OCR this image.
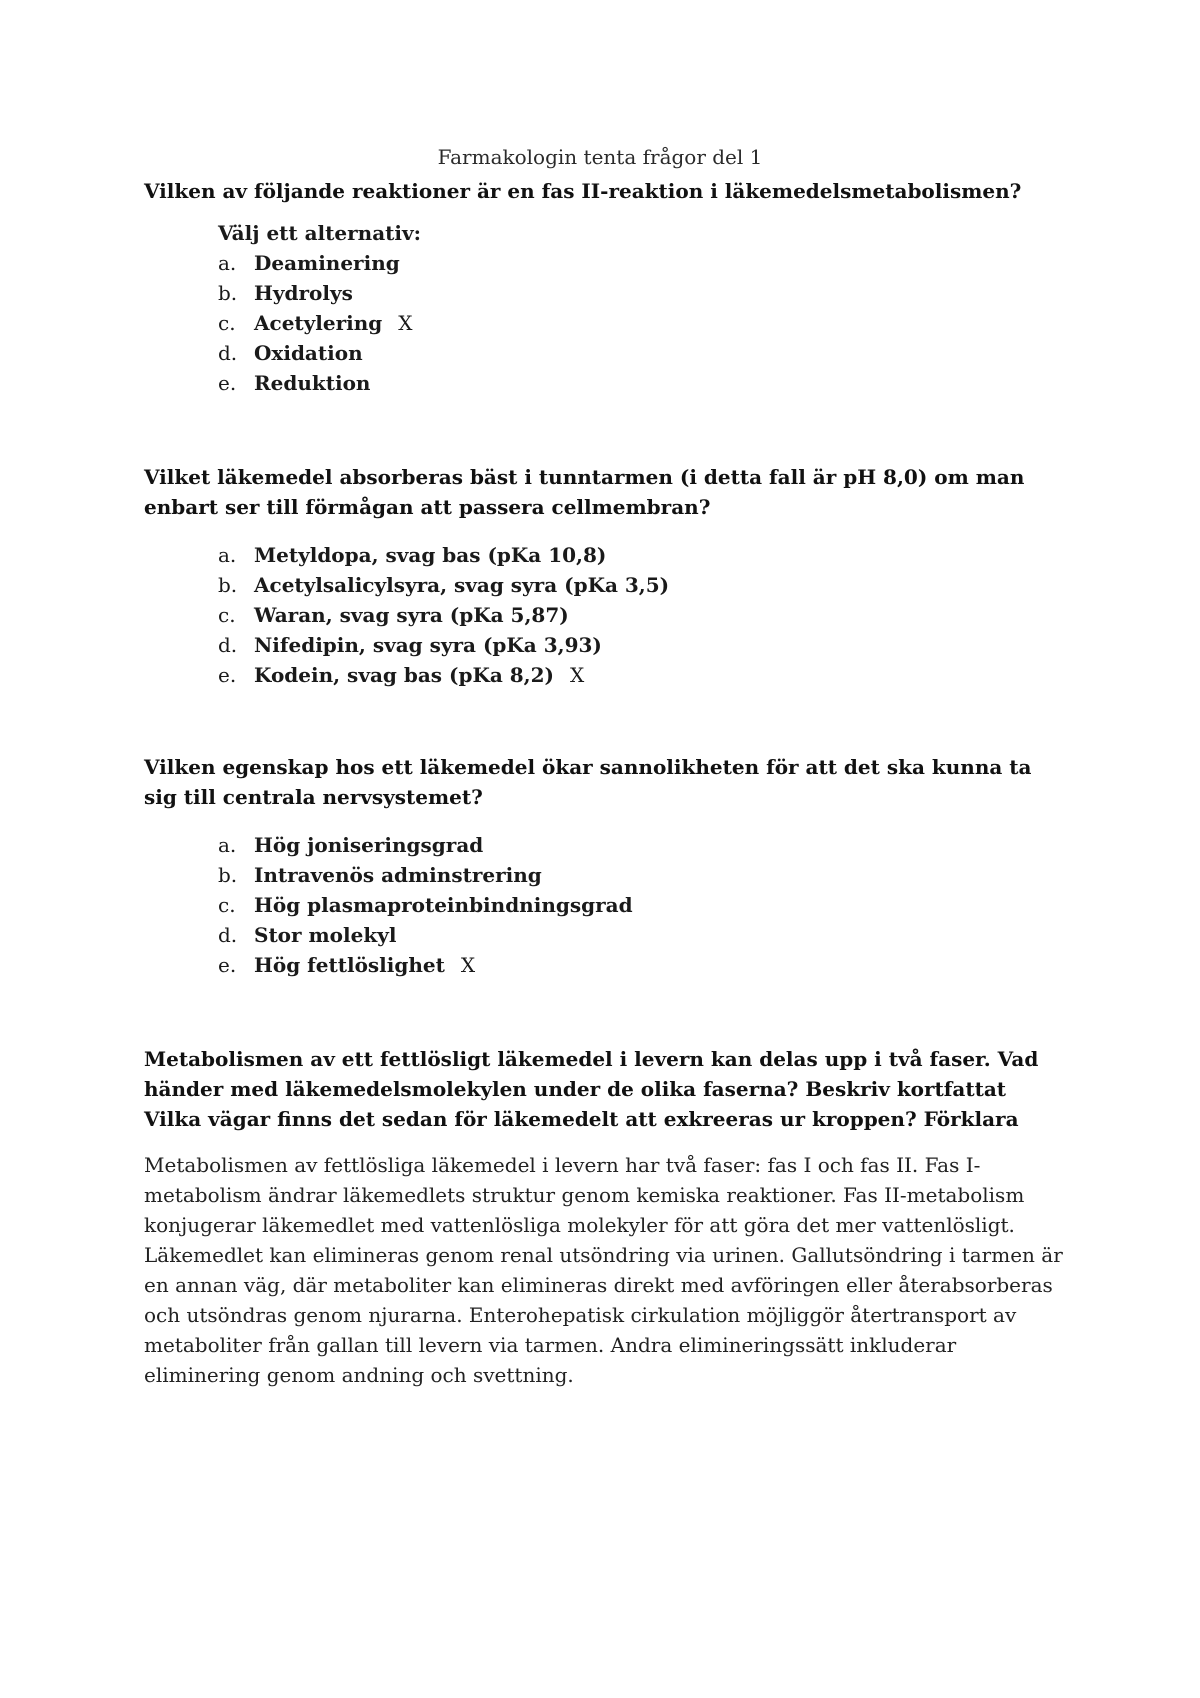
Farmakologin tenta frågor del 1
Vilken av följande reaktioner är en fas II-reaktion i läkemedelsmetabolismen?
Välj ett alternativ:
a. Deaminering
b. Hydrolys
c. Acetylering X
d. Oxidation
e. Reduktion
Vilket läkemedel absorberas bäst i tunntarmen (i detta fall är pH 8,0) om man enbart ser till förmågan att passera cellmembran?
a. Metyldopa, svag bas (pKa 10,8)
b. Acetylsalicylsyra, svag syra (pKa 3,5)
c. Waran, svag syra (pKa 5,87)
d. Nifedipin, svag syra (pKa 3,93)
e. Kodein, svag bas (pKa 8,2) X
Vilken egenskap hos ett läkemedel ökar sannolikheten för att det ska kunna ta sig till centrala nervsystemet?
a. Hög joniseringsgrad
b. Intravenös adminstrering
c. Hög plasmaproteinbindningsgrad
d. Stor molekyl
e. Hög fettlöslighet X
Metabolismen av ett fettlösligt läkemedel i levern kan delas upp i två faser. Vad händer med läkemedelsmolekylen under de olika faserna? Beskriv kortfattat Vilka vägar finns det sedan för läkemedelt att exkreeras ur kroppen? Förklara

Metabolismen av fettlösliga läkemedel i levern har två faser: fas I och fas II. Fas I-metabolism ändrar läkemedlets struktur genom kemiska reaktioner. Fas II-metabolism konjugerar läkemedlet med vattenlösliga molekyler för att göra det mer vattenlösligt. Läkemedlet kan elimineras genom renal utsöndring via urinen. Gallutsöndring i tarmen är en annan väg, där metaboliter kan elimineras direkt med avföringen eller återabsorberas och utsöndras genom njurarna. Enterohepatisk cirkulation möjliggör återtransport av metaboliter från gallan till levern via tarmen. Andra elimineringssätt inkluderar eliminering genom andning och svettning.
